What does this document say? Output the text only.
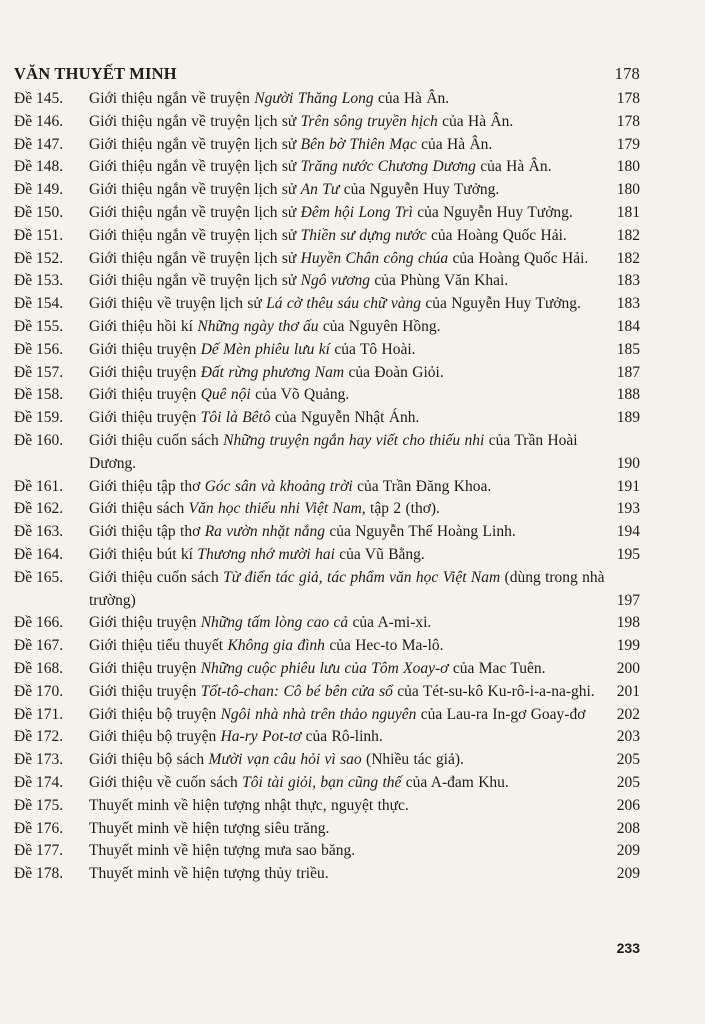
VĂN THUYẾT MINH	178
Đề 145. Giới thiệu ngắn về truyện Người Thăng Long của Hà Ân.	178
Đề 146. Giới thiệu ngắn về truyện lịch sử Trên sông truyền hịch của Hà Ân.	178
Đề 147. Giới thiệu ngắn về truyện lịch sử Bên bờ Thiên Mạc của Hà Ân.	179
Đề 148. Giới thiệu ngắn về truyện lịch sử Trăng nước Chương Dương của Hà Ân.	180
Đề 149. Giới thiệu ngắn về truyện lịch sử An Tư của Nguyễn Huy Tưởng.	180
Đề 150. Giới thiệu ngắn về truyện lịch sử Đêm hội Long Trì của Nguyễn Huy Tưởng.	181
Đề 151. Giới thiệu ngắn về truyện lịch sử Thiền sư dựng nước của Hoàng Quốc Hải.	182
Đề 152. Giới thiệu ngắn về truyện lịch sử Huyền Chân công chúa của Hoàng Quốc Hải.	182
Đề 153. Giới thiệu ngắn về truyện lịch sử Ngô vương của Phùng Văn Khai.	183
Đề 154. Giới thiệu về truyện lịch sử Lá cờ thêu sáu chữ vàng của Nguyễn Huy Tưởng.	183
Đề 155. Giới thiệu hồi kí Những ngày thơ ấu của Nguyên Hồng.	184
Đề 156. Giới thiệu truyện Dế Mèn phiêu lưu kí của Tô Hoài.	185
Đề 157. Giới thiệu truyện Đất rừng phương Nam của Đoàn Giỏi.	187
Đề 158. Giới thiệu truyện Quê nội của Võ Quảng.	188
Đề 159. Giới thiệu truyện Tôi là Bêtô của Nguyễn Nhật Ánh.	189
Đề 160. Giới thiệu cuốn sách Những truyện ngắn hay viết cho thiếu nhi của Trần Hoài Dương.	190
Đề 161. Giới thiệu tập thơ Góc sân và khoảng trời của Trần Đăng Khoa.	191
Đề 162. Giới thiệu sách Văn học thiếu nhi Việt Nam, tập 2 (thơ).	193
Đề 163. Giới thiệu tập thơ Ra vườn nhặt nắng của Nguyễn Thế Hoàng Linh.	194
Đề 164. Giới thiệu bút kí Thương nhớ mười hai của Vũ Bằng.	195
Đề 165. Giới thiệu cuốn sách Từ điển tác giả, tác phẩm văn học Việt Nam (dùng trong nhà trường)	197
Đề 166. Giới thiệu truyện Những tấm lòng cao cả của A-mi-xi.	198
Đề 167. Giới thiệu tiểu thuyết Không gia đình của Hec-to Ma-lô.	199
Đề 168. Giới thiệu truyện Những cuộc phiêu lưu của Tôm Xoay-ơ của Mac Tuên.	200
Đề 170. Giới thiệu truyện Tốt-tô-chan: Cô bé bên cửa sổ của Tét-su-kô Ku-rô-i-a-na-ghi.	201
Đề 171. Giới thiệu bộ truyện Ngôi nhà nhà trên thảo nguyên của Lau-ra In-gơ Goay-đơ	202
Đề 172. Giới thiệu bộ truyện Ha-ry Pot-tơ của Rô-linh.	203
Đề 173. Giới thiệu bộ sách Mười vạn câu hỏi vì sao (Nhiều tác giả).	205
Đề 174. Giới thiệu về cuốn sách Tôi tài giỏi, bạn cũng thế của A-đam Khu.	205
Đề 175. Thuyết minh về hiện tượng nhật thực, nguyệt thực.	206
Đề 176. Thuyết minh về hiện tượng siêu trăng.	208
Đề 177. Thuyết minh về hiện tượng mưa sao băng.	209
Đề 178. Thuyết minh về hiện tượng thủy triều.	209
233
